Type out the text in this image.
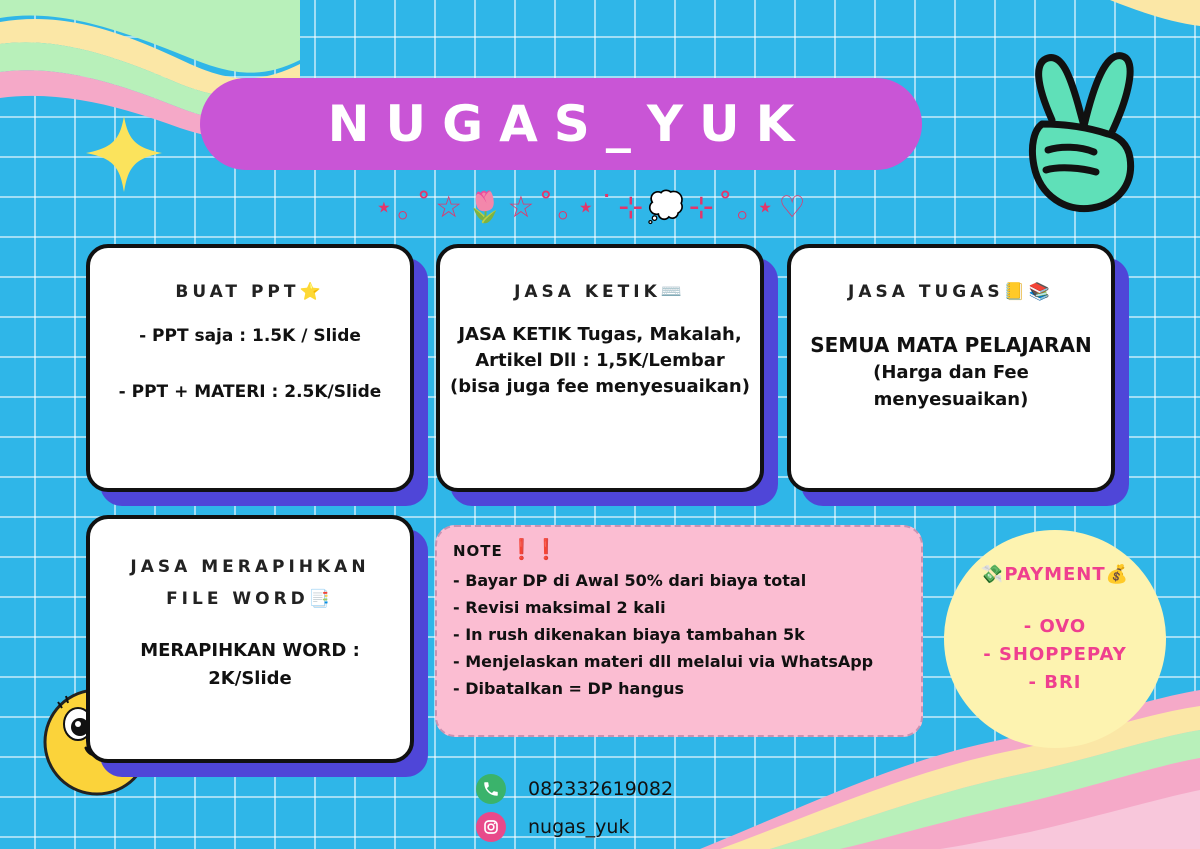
NUGAS_YUK
⋆｡˚☆🌷☆˚｡⋆˙⊹💭⊹˚｡⋆♡
BUAT PPT⭐

- PPT saja : 1.5K / Slide

- PPT + MATERI : 2.5K/Slide

JASA KETIK⌨️

JASA KETIK Tugas, Makalah,

Artikel Dll : 1,5K/Lembar

(bisa juga fee menyesuaikan)

JASA TUGAS📒📚

SEMUA MATA PELAJARAN

(Harga dan Fee

menyesuaikan)

JASA MERAPIHKAN
FILE WORD📑

MERAPIHKAN WORD :

2K/Slide

NOTE ❗❗
- Bayar DP di Awal 50% dari biaya total
- Revisi maksimal 2 kali
- In rush dikenakan biaya tambahan 5k
- Menjelaskan materi dll melalui via WhatsApp
- Dibatalkan = DP hangus
💸PAYMENT💰
- OVO
- SHOPPEPAY
- BRI
082332619082
nugas_yuk
